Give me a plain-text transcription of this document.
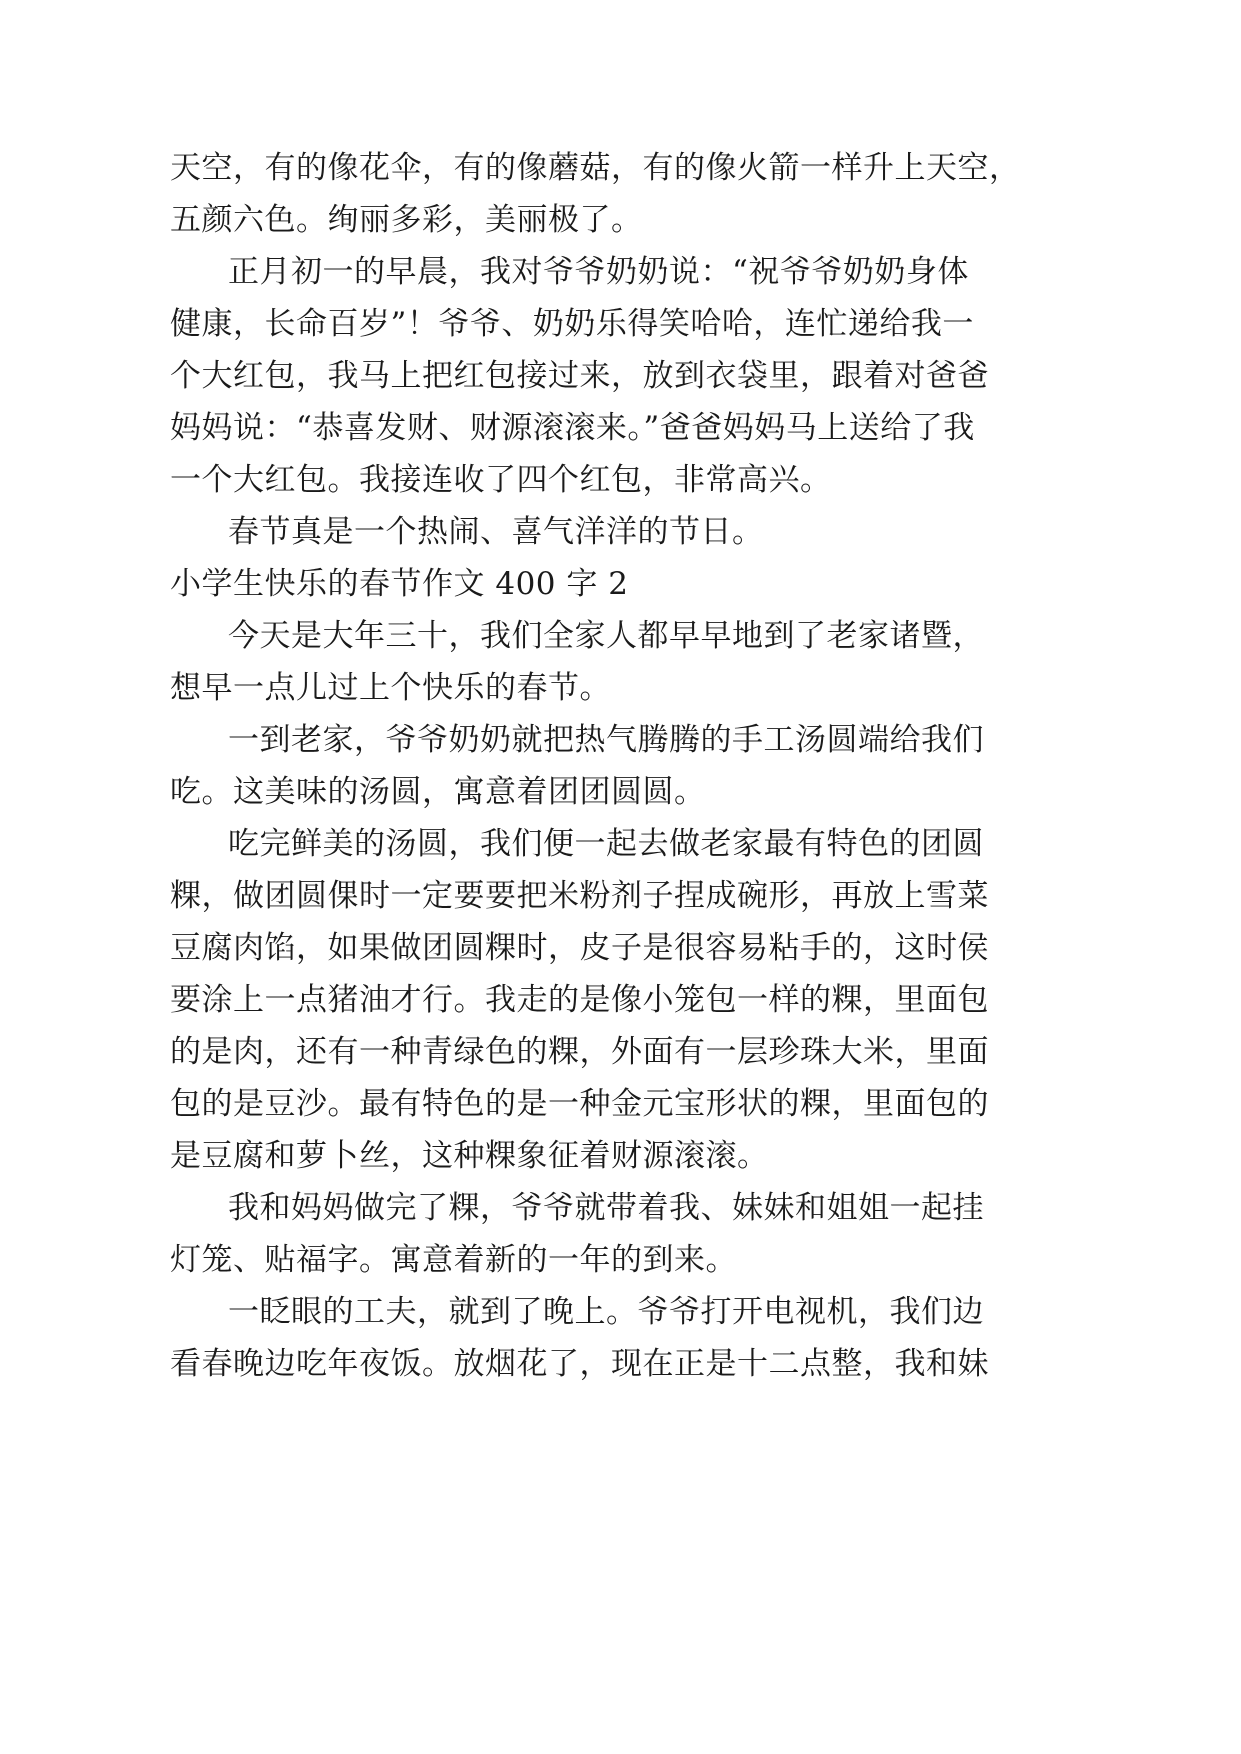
天空，有的像花伞，有的像蘑菇，有的像火箭一样升上天空，

五颜六色。绚丽多彩，美丽极了。

正月初一的早晨，我对爷爷奶奶说：“祝爷爷奶奶身体

健康，长命百岁”！爷爷、奶奶乐得笑哈哈，连忙递给我一

个大红包，我马上把红包接过来，放到衣袋里，跟着对爸爸

妈妈说：“恭喜发财、财源滚滚来。”爸爸妈妈马上送给了我

一个大红包。我接连收了四个红包，非常高兴。

春节真是一个热闹、喜气洋洋的节日。

小学生快乐的春节作文 400 字 2

今天是大年三十，我们全家人都早早地到了老家诸暨，

想早一点儿过上个快乐的春节。

一到老家，爷爷奶奶就把热气腾腾的手工汤圆端给我们

吃。这美味的汤圆，寓意着团团圆圆。

吃完鲜美的汤圆，我们便一起去做老家最有特色的团圆

粿，做团圆倮时一定要要把米粉剂子捏成碗形，再放上雪菜

豆腐肉馅，如果做团圆粿时，皮子是很容易粘手的，这时侯

要涂上一点猪油才行。我走的是像小笼包一样的粿，里面包

的是肉，还有一种青绿色的粿，外面有一层珍珠大米，里面

包的是豆沙。最有特色的是一种金元宝形状的粿，里面包的

是豆腐和萝卜丝，这种粿象征着财源滚滚。

我和妈妈做完了粿，爷爷就带着我、妹妹和姐姐一起挂

灯笼、贴福字。寓意着新的一年的到来。

一眨眼的工夫，就到了晚上。爷爷打开电视机，我们边

看春晚边吃年夜饭。放烟花了，现在正是十二点整，我和妹
